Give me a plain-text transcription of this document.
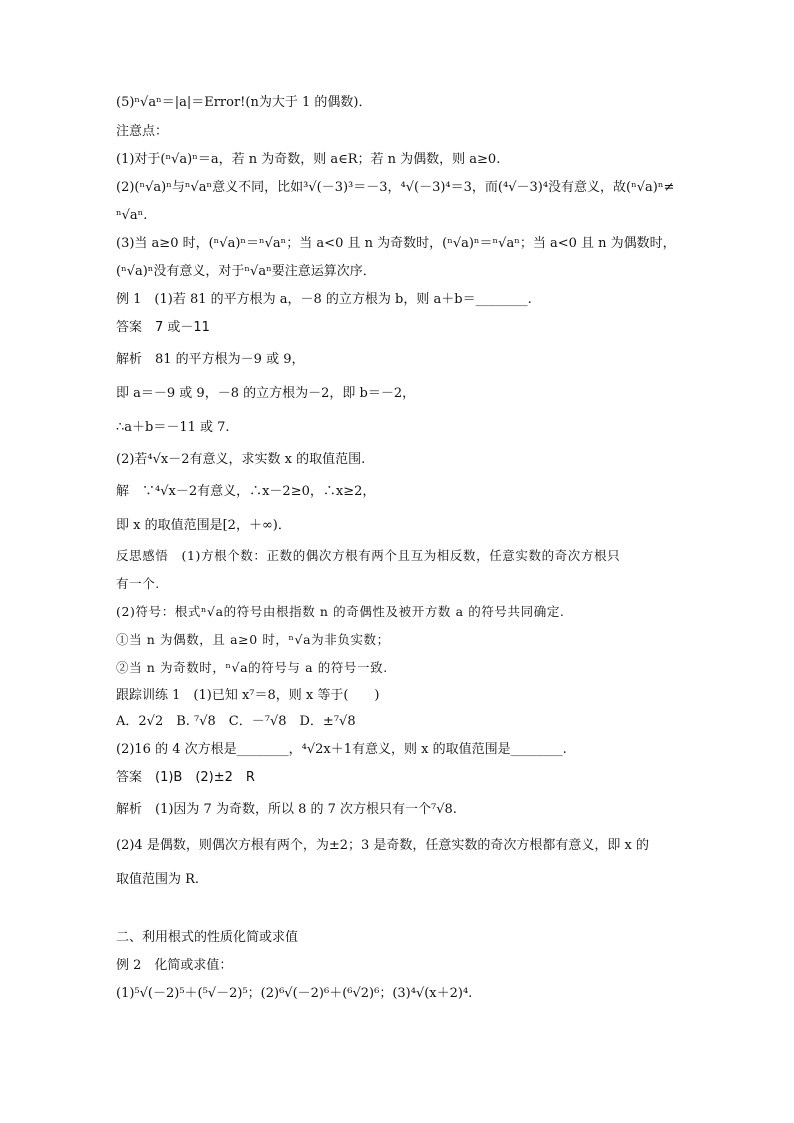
(5)ⁿ√aⁿ＝|a|＝Error!(n为大于 1 的偶数)．
注意点：
(1)对于(ⁿ√a)ⁿ＝a，若 n 为奇数，则 a∈R；若 n 为偶数，则 a≥0.
(2)(ⁿ√a)ⁿ与ⁿ√aⁿ意义不同，比如³√(－3)³＝－3，⁴√(－3)⁴＝3，而(⁴√－3)⁴没有意义，故(ⁿ√a)ⁿ≠
ⁿ√aⁿ.
(3)当 a≥0 时，(ⁿ√a)ⁿ＝ⁿ√aⁿ；当 a<0 且 n 为奇数时，(ⁿ√a)ⁿ＝ⁿ√aⁿ；当 a<0 且 n 为偶数时，
(ⁿ√a)ⁿ没有意义，对于ⁿ√aⁿ要注意运算次序．
例 1　(1)若 81 的平方根为 a，－8 的立方根为 b，则 a＋b＝________.
答案　7 或－11
解析　81 的平方根为－9 或 9，
即 a＝－9 或 9，－8 的立方根为－2，即 b＝－2，
∴a＋b＝－11 或 7.
(2)若⁴√x－2有意义，求实数 x 的取值范围.
解　∵⁴√x－2有意义，∴x－2≥0，∴x≥2，
即 x 的取值范围是[2，＋∞)．
反思感悟　(1)方根个数：正数的偶次方根有两个且互为相反数，任意实数的奇次方根只
有一个.
(2)符号：根式ⁿ√a的符号由根指数 n 的奇偶性及被开方数 a 的符号共同确定.
①当 n 为偶数，且 a≥0 时，ⁿ√a为非负实数；
②当 n 为奇数时，ⁿ√a的符号与 a 的符号一致.
跟踪训练 1　(1)已知 x⁷＝8，则 x 等于(　　)
A．2√2　B. ⁷√8　C．－⁷√8　D．±⁷√8
(2)16 的 4 次方根是________，⁴√2x＋1有意义，则 x 的取值范围是________.
答案　(1)B　(2)±2　R
解析　(1)因为 7 为奇数，所以 8 的 7 次方根只有一个⁷√8.
(2)4 是偶数，则偶次方根有两个，为±2；3 是奇数，任意实数的奇次方根都有意义，即 x 的
取值范围为 R.
二、利用根式的性质化简或求值
例 2　化简或求值：
(1)⁵√(－2)⁵＋(⁵√－2)⁵；(2)⁶√(－2)⁶＋(⁶√2)⁶；(3)⁴√(x＋2)⁴.
